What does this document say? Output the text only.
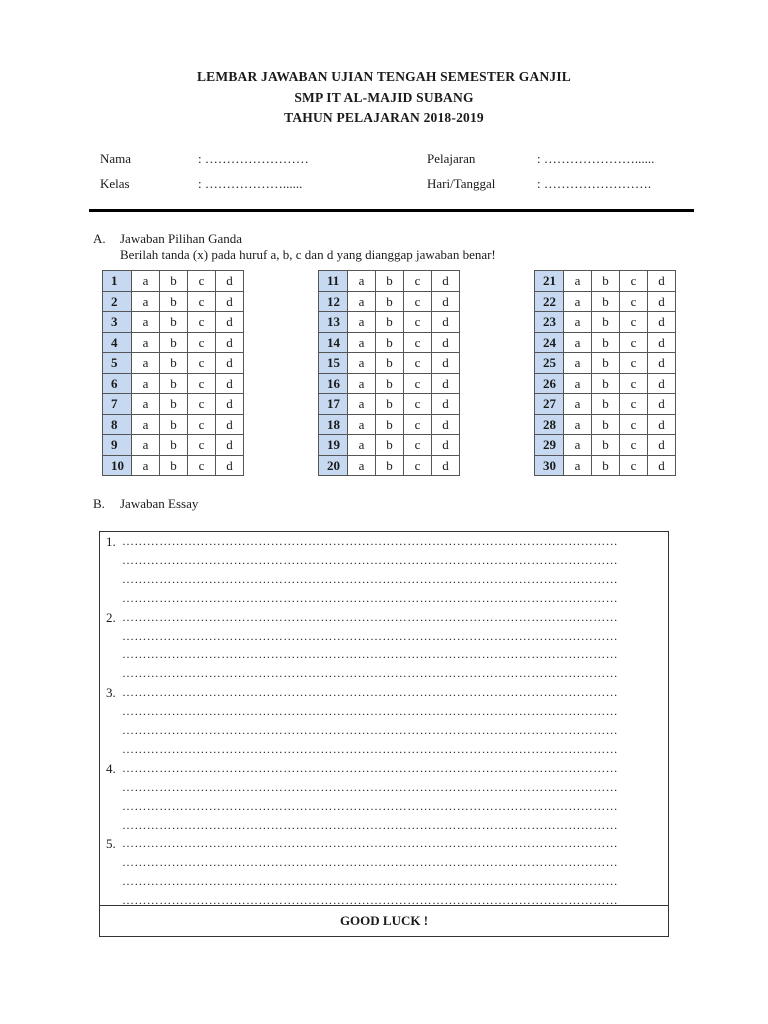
LEMBAR JAWABAN UJIAN TENGAH SEMESTER GANJIL
SMP IT AL-MAJID SUBANG
TAHUN PELAJARAN 2018-2019
Nama	: ……………………	Pelajaran	: …………………......
Kelas	: ………………......	Hari/Tanggal	: …………………….
A. Jawaban Pilihan Ganda
Berilah tanda (x) pada huruf a, b, c dan d yang dianggap jawaban benar!
1	a	b	c	d
2	a	b	c	d
3	a	b	c	d
4	a	b	c	d
5	a	b	c	d
6	a	b	c	d
7	a	b	c	d
8	a	b	c	d
9	a	b	c	d
10	a	b	c	d
11	a	b	c	d
12	a	b	c	d
13	a	b	c	d
14	a	b	c	d
15	a	b	c	d
16	a	b	c	d
17	a	b	c	d
18	a	b	c	d
19	a	b	c	d
20	a	b	c	d
21	a	b	c	d
22	a	b	c	d
23	a	b	c	d
24	a	b	c	d
25	a	b	c	d
26	a	b	c	d
27	a	b	c	d
28	a	b	c	d
29	a	b	c	d
30	a	b	c	d
B. Jawaban Essay
1. …………………………………………………………………………………………………………
…………………………………………………………………………………………………………
…………………………………………………………………………………………………………
…………………………………………………………………………………………………………
2. …………………………………………………………………………………………………………
…………………………………………………………………………………………………………
…………………………………………………………………………………………………………
…………………………………………………………………………………………………………
3. …………………………………………………………………………………………………………
…………………………………………………………………………………………………………
…………………………………………………………………………………………………………
…………………………………………………………………………………………………………
4. …………………………………………………………………………………………………………
…………………………………………………………………………………………………………
…………………………………………………………………………………………………………
…………………………………………………………………………………………………………
5. …………………………………………………………………………………………………………
…………………………………………………………………………………………………………
…………………………………………………………………………………………………………
…………………………………………………………………………………………………………
GOOD LUCK !
